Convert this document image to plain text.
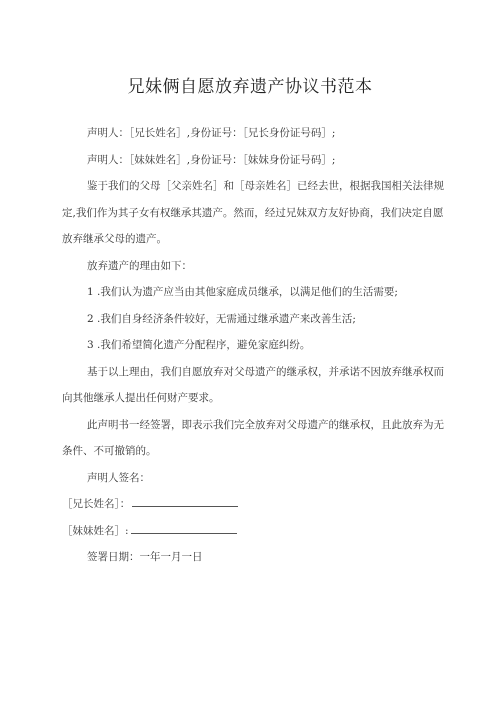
兄妹俩自愿放弃遗产协议书范本

声明人：［兄长姓名］,身份证号：［兄长身份证号码］;

声明人：［妹妹姓名］,身份证号：［妹妹身份证号码］;

鉴于我们的父母［父亲姓名］和［母亲姓名］已经去世，根据我国相关法律规定,我们作为其子女有权继承其遗产。然而，经过兄妹双方友好协商，我们决定自愿放弃继承父母的遗产。

放弃遗产的理由如下：

1 .我们认为遗产应当由其他家庭成员继承，以满足他们的生活需要;

2 .我们自身经济条件较好，无需通过继承遗产来改善生活;

3 .我们希望简化遗产分配程序，避免家庭纠纷。

基于以上理由，我们自愿放弃对父母遗产的继承权，并承诺不因放弃继承权而向其他继承人提出任何财产要求。

此声明书一经签署，即表示我们完全放弃对父母遗产的继承权，且此放弃为无条件、不可撤销的。

声明人签名：

［兄长姓名］：

［妹妹姓名］:

签署日期：一年一月一日
